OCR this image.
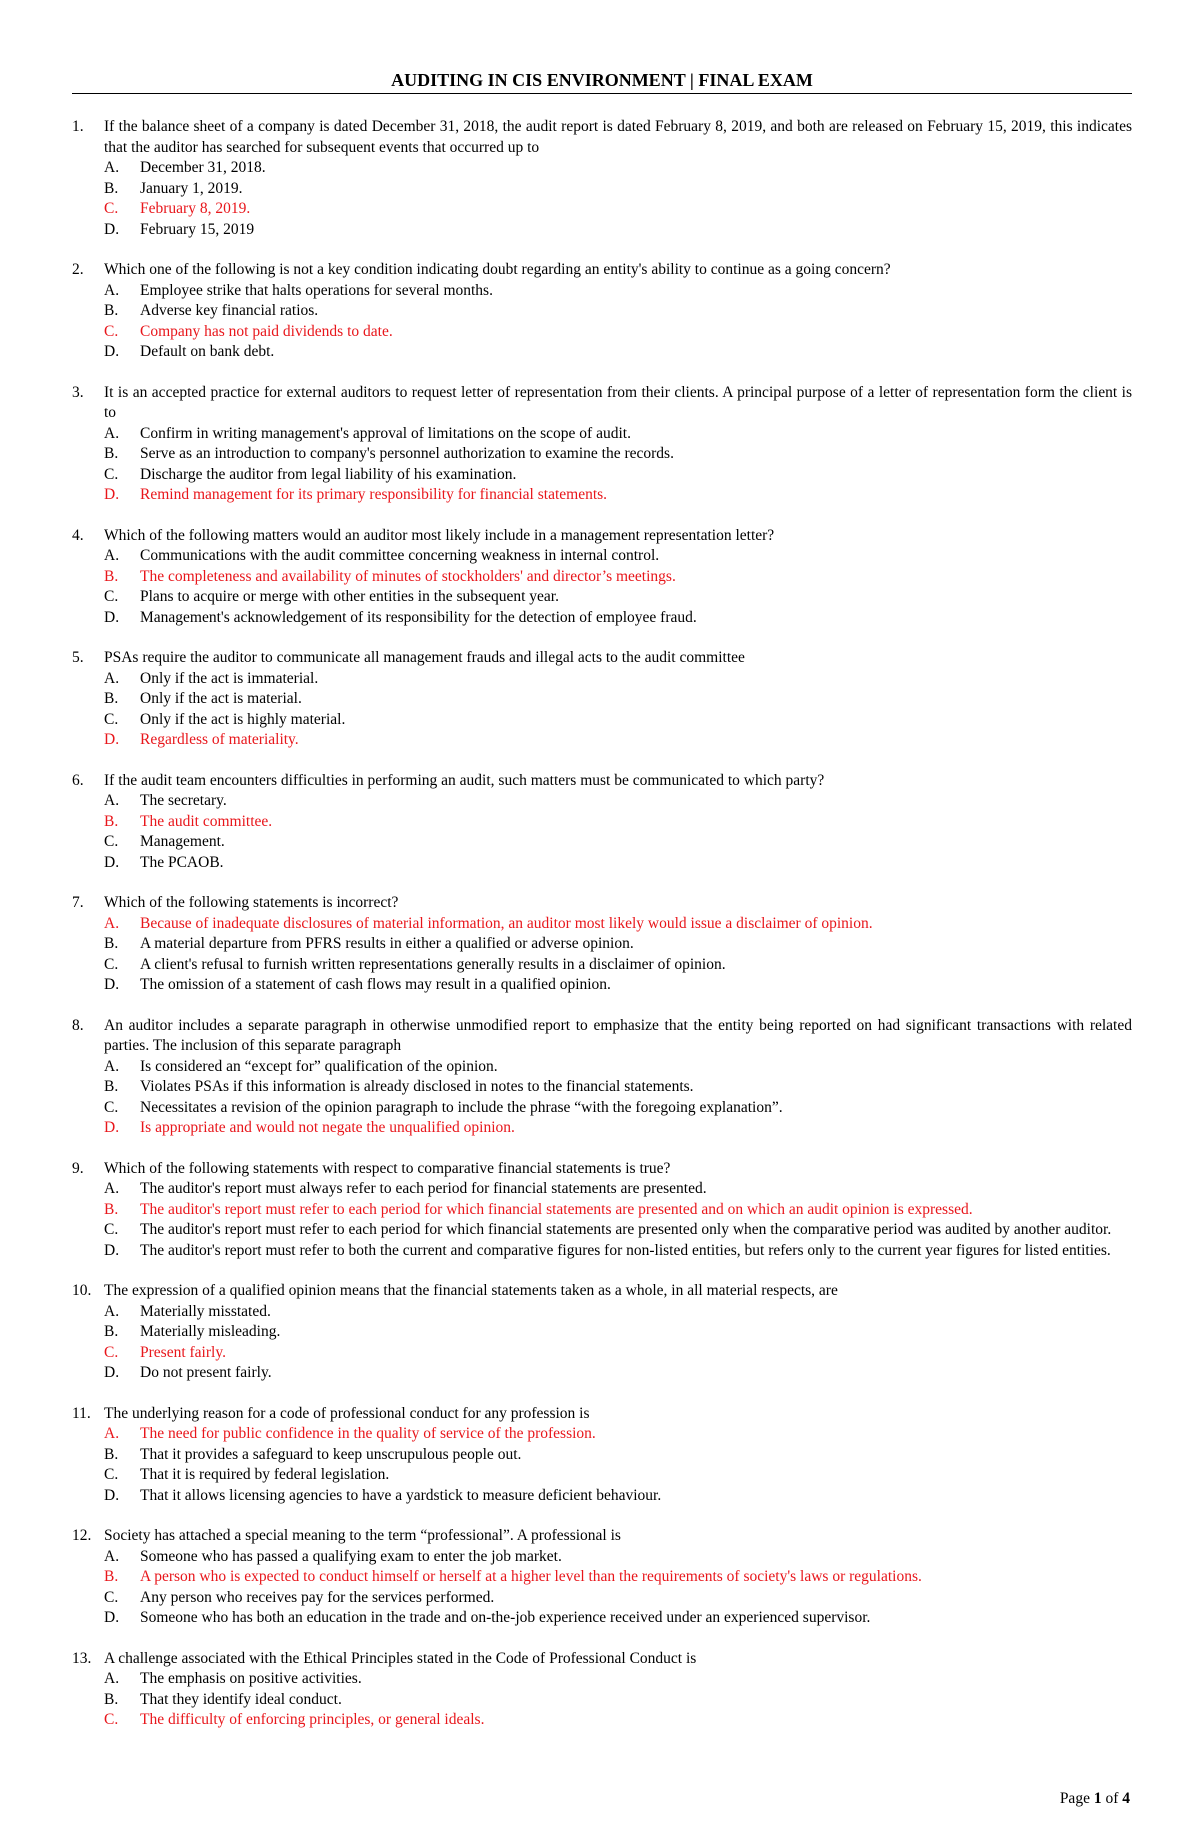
AUDITING IN CIS ENVIRONMENT | FINAL EXAM
1.	If the balance sheet of a company is dated December 31, 2018, the audit report is dated February 8, 2019, and both are released on February 15, 2019, this indicates that the auditor has searched for subsequent events that occurred up to
A.	December 31, 2018.
B.	January 1, 2019.
C.	February 8, 2019.
D.	February 15, 2019
2.	Which one of the following is not a key condition indicating doubt regarding an entity's ability to continue as a going concern?
A.	Employee strike that halts operations for several months.
B.	Adverse key financial ratios.
C.	Company has not paid dividends to date.
D.	Default on bank debt.
3.	It is an accepted practice for external auditors to request letter of representation from their clients. A principal purpose of a letter of representation form the client is to
A.	Confirm in writing management's approval of limitations on the scope of audit.
B.	Serve as an introduction to company's personnel authorization to examine the records.
C.	Discharge the auditor from legal liability of his examination.
D.	Remind management for its primary responsibility for financial statements.
4.	Which of the following matters would an auditor most likely include in a management representation letter?
A.	Communications with the audit committee concerning weakness in internal control.
B.	The completeness and availability of minutes of stockholders' and director’s meetings.
C.	Plans to acquire or merge with other entities in the subsequent year.
D.	Management's acknowledgement of its responsibility for the detection of employee fraud.
5.	PSAs require the auditor to communicate all management frauds and illegal acts to the audit committee
A.	Only if the act is immaterial.
B.	Only if the act is material.
C.	Only if the act is highly material.
D.	Regardless of materiality.
6.	If the audit team encounters difficulties in performing an audit, such matters must be communicated to which party?
A.	The secretary.
B.	The audit committee.
C.	Management.
D.	The PCAOB.
7.	Which of the following statements is incorrect?
A.	Because of inadequate disclosures of material information, an auditor most likely would issue a disclaimer of opinion.
B.	A material departure from PFRS results in either a qualified or adverse opinion.
C.	A client's refusal to furnish written representations generally results in a disclaimer of opinion.
D.	The omission of a statement of cash flows may result in a qualified opinion.
8.	An auditor includes a separate paragraph in otherwise unmodified report to emphasize that the entity being reported on had significant transactions with related parties. The inclusion of this separate paragraph
A.	Is considered an “except for” qualification of the opinion.
B.	Violates PSAs if this information is already disclosed in notes to the financial statements.
C.	Necessitates a revision of the opinion paragraph to include the phrase “with the foregoing explanation”.
D.	Is appropriate and would not negate the unqualified opinion.
9.	Which of the following statements with respect to comparative financial statements is true?
A.	The auditor's report must always refer to each period for financial statements are presented.
B.	The auditor's report must refer to each period for which financial statements are presented and on which an audit opinion is expressed.
C.	The auditor's report must refer to each period for which financial statements are presented only when the comparative period was audited by another auditor.
D.	The auditor's report must refer to both the current and comparative figures for non-listed entities, but refers only to the current year figures for listed entities.
10. The expression of a qualified opinion means that the financial statements taken as a whole, in all material respects, are
A.	Materially misstated.
B.	Materially misleading.
C.	Present fairly.
D.	Do not present fairly.
11. The underlying reason for a code of professional conduct for any profession is
A.	The need for public confidence in the quality of service of the profession.
B.	That it provides a safeguard to keep unscrupulous people out.
C.	That it is required by federal legislation.
D.	That it allows licensing agencies to have a yardstick to measure deficient behaviour.
12. Society has attached a special meaning to the term “professional”. A professional is
A.	Someone who has passed a qualifying exam to enter the job market.
B.	A person who is expected to conduct himself or herself at a higher level than the requirements of society's laws or regulations.
C.	Any person who receives pay for the services performed.
D.	Someone who has both an education in the trade and on-the-job experience received under an experienced supervisor.
13. A challenge associated with the Ethical Principles stated in the Code of Professional Conduct is
A.	The emphasis on positive activities.
B.	That they identify ideal conduct.
C.	The difficulty of enforcing principles, or general ideals.
Page 1 of 4
